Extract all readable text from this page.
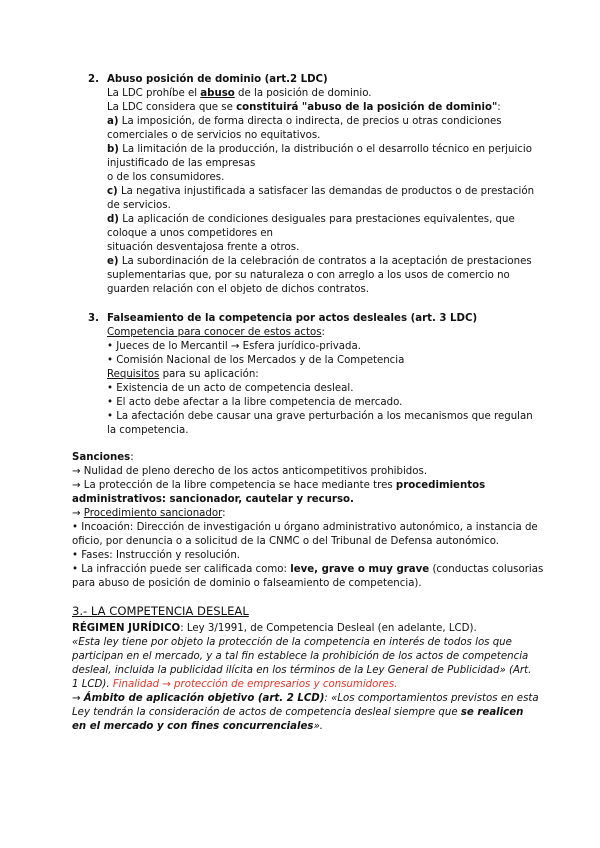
2. Abuso posición de dominio (art.2 LDC)
La LDC prohíbe el abuso de la posición de dominio.
La LDC considera que se constituirá "abuso de la posición de dominio":
a) La imposición, de forma directa o indirecta, de precios u otras condiciones
comerciales o de servicios no equitativos.
b) La limitación de la producción, la distribución o el desarrollo técnico en perjuicio
injustificado de las empresas
o de los consumidores.
c) La negativa injustificada a satisfacer las demandas de productos o de prestación
de servicios.
d) La aplicación de condiciones desiguales para prestaciones equivalentes, que
coloque a unos competidores en
situación desventajosa frente a otros.
e) La subordinación de la celebración de contratos a la aceptación de prestaciones
suplementarias que, por su naturaleza o con arreglo a los usos de comercio no
guarden relación con el objeto de dichos contratos.
3. Falseamiento de la competencia por actos desleales (art. 3 LDC)
Competencia para conocer de estos actos:
• Jueces de lo Mercantil → Esfera jurídico-privada.
• Comisión Nacional de los Mercados y de la Competencia
Requisitos para su aplicación:
• Existencia de un acto de competencia desleal.
• El acto debe afectar a la libre competencia de mercado.
• La afectación debe causar una grave perturbación a los mecanismos que regulan
la competencia.
Sanciones:
→ Nulidad de pleno derecho de los actos anticompetitivos prohibidos.
→ La protección de la libre competencia se hace mediante tres procedimientos
administrativos: sancionador, cautelar y recurso.
→ Procedimiento sancionador:
• Incoación: Dirección de investigación u órgano administrativo autonómico, a instancia de
oficio, por denuncia o a solicitud de la CNMC o del Tribunal de Defensa autonómico.
• Fases: Instrucción y resolución.
• La infracción puede ser calificada como: leve, grave o muy grave (conductas colusorias
para abuso de posición de dominio o falseamiento de competencia).
3.- LA COMPETENCIA DESLEAL
RÉGIMEN JURÍDICO: Ley 3/1991, de Competencia Desleal (en adelante, LCD).
«Esta ley tiene por objeto la protección de la competencia en interés de todos los que
participan en el mercado, y a tal fin establece la prohibición de los actos de competencia
desleal, incluida la publicidad ilícita en los términos de la Ley General de Publicidad» (Art.
1 LCD). Finalidad → protección de empresarios y consumidores.
→ Ámbito de aplicación objetivo (art. 2 LCD): «Los comportamientos previstos en esta
Ley tendrán la consideración de actos de competencia desleal siempre que se realicen
en el mercado y con fines concurrenciales».
